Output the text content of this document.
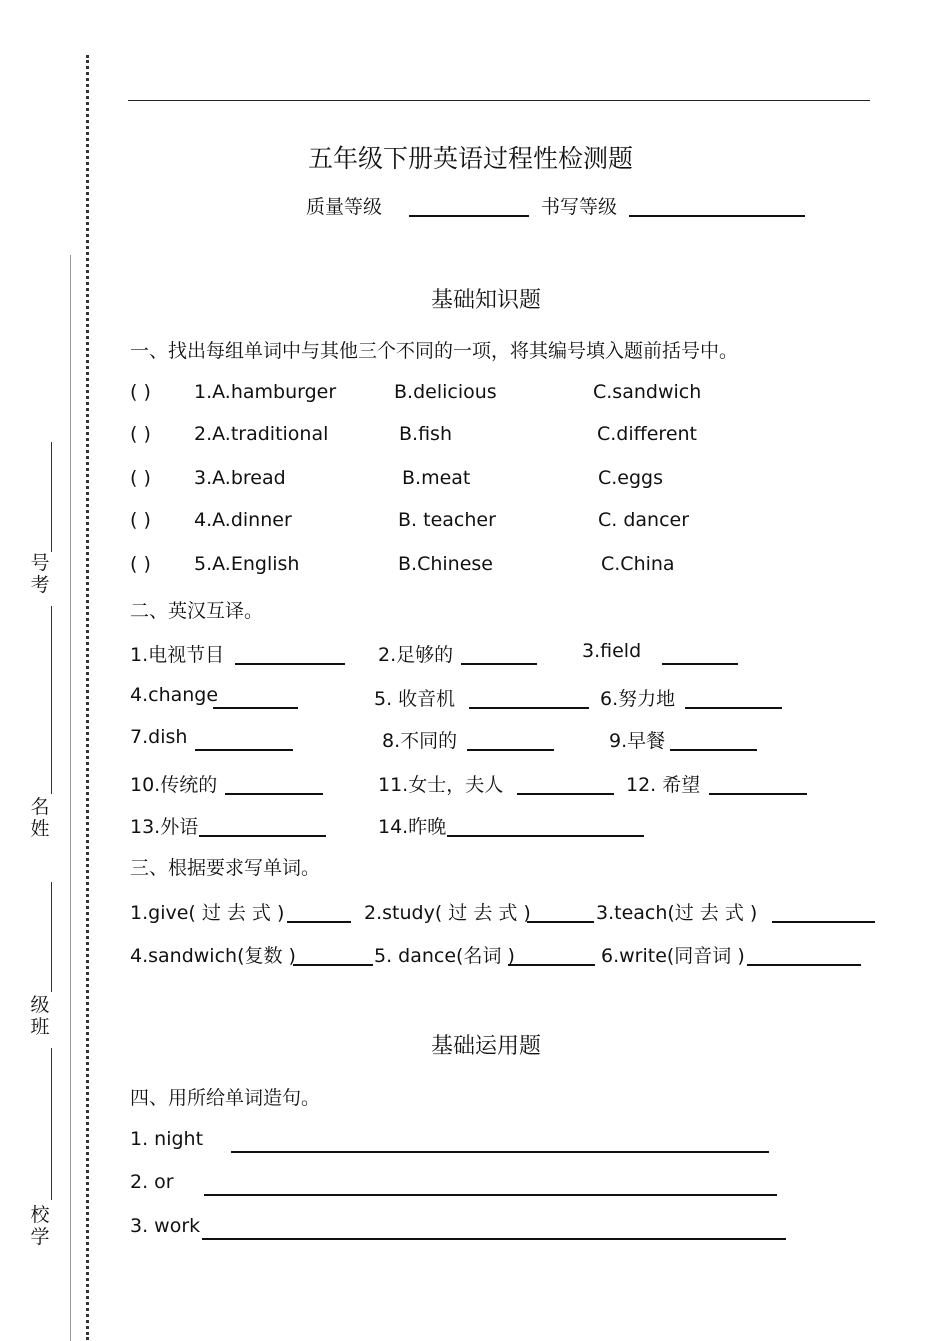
号
考
名
姓
级
班
校
学
五年级下册英语过程性检测题
质量等级	书写等级
基础知识题
一、找出每组单词中与其他三个不同的一项，将其编号填入题前括号中。
( ) 1.A.hamburger	B.delicious	C.sandwich
( ) 2.A.traditional	B.fish	C.different
( ) 3.A.bread	B.meat	C.eggs
( ) 4.A.dinner	B. teacher	C. dancer
( ) 5.A.English	B.Chinese	C.China
二、英汉互译。
1.电视节目	2.足够的	3.field
4.change	5. 收音机	6.努力地
7.dish	8.不同的	9.早餐
10.传统的	11.女士，夫人	12. 希望
13.外语	14.昨晚
三、根据要求写单词。
1.give( 过 去 式 )	2.study( 过 去 式 )	3.teach(过 去 式 )
4.sandwich(复数 )	5. dance(名词 )	6.write(同音词 )
基础运用题
四、用所给单词造句。
1. night
2. or
3. work
